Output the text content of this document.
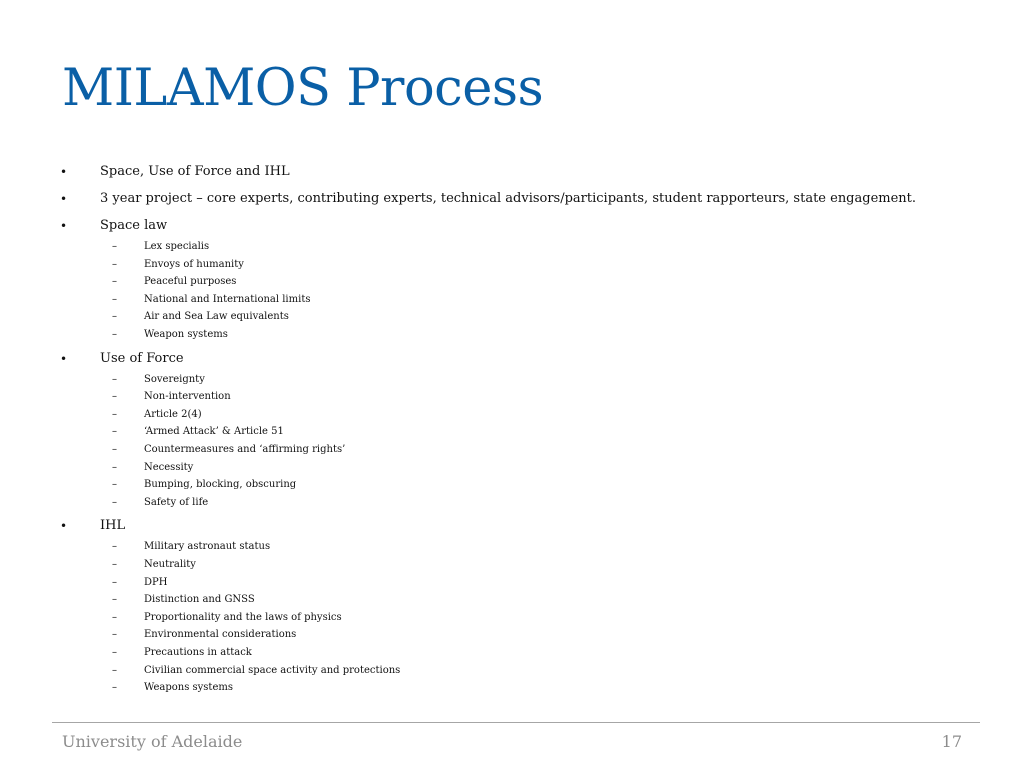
MILAMOS Process
•	Space, Use of Force and IHL
•	3 year project – core experts, contributing experts, technical advisors/participants, student rapporteurs, state engagement.
•	Space law
–	Lex specialis
–	Envoys of humanity
–	Peaceful purposes
–	National and International limits
–	Air and Sea Law equivalents
–	Weapon systems
•	Use of Force
–	Sovereignty
–	Non-intervention
–	Article 2(4)
–	‘Armed Attack’ & Article 51
–	Countermeasures and ‘affirming rights’
–	Necessity
–	Bumping, blocking, obscuring
–	Safety of life
•	IHL
–	Military astronaut status
–	Neutrality
–	DPH
–	Distinction and GNSS
–	Proportionality and the laws of physics
–	Environmental considerations
–	Precautions in attack
–	Civilian commercial space activity and protections
–	Weapons systems
University of Adelaide	17
